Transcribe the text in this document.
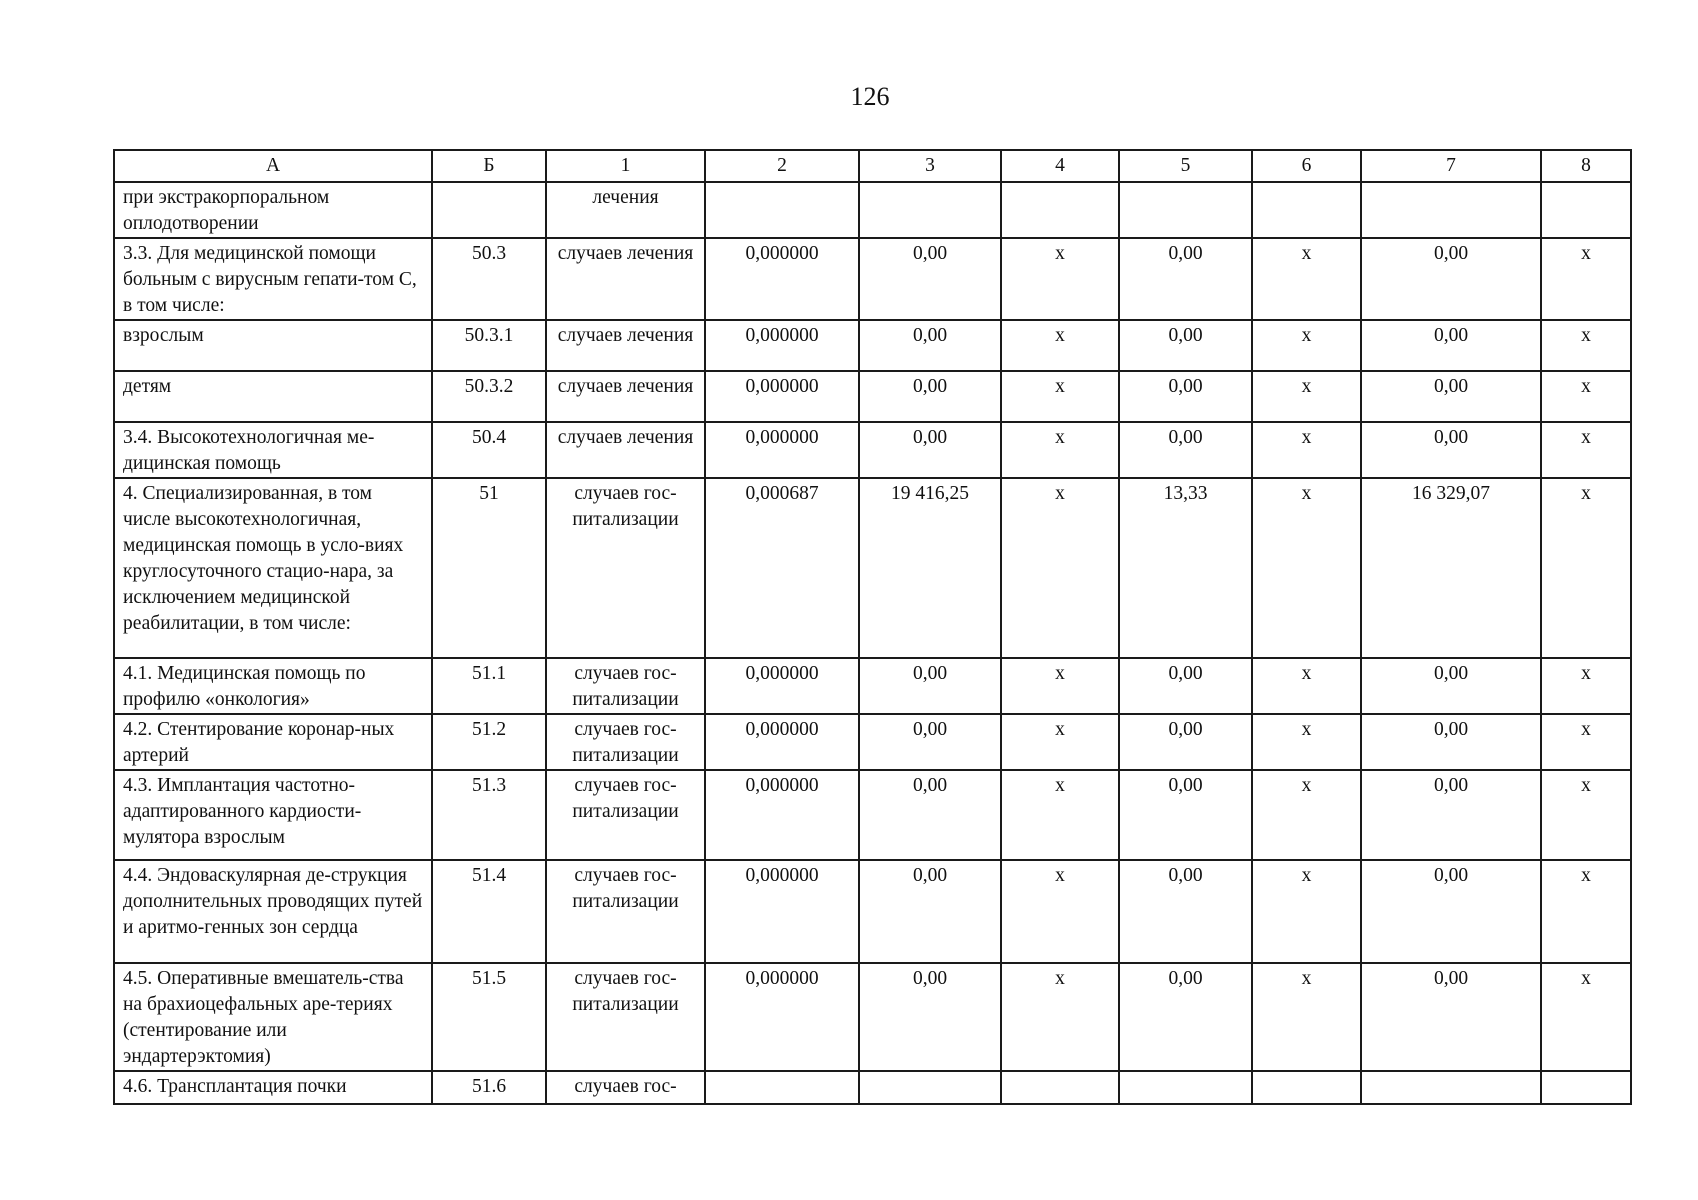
126
А	Б	1	2	3	4	5	6	7	8
при экстракорпоральном оплодотворении		лечения							
3.3. Для медицинской помощи больным с вирусным гепати-том С, в том числе:	50.3	случаев лечения	0,000000	0,00	х	0,00	х	0,00	х
взрослым	50.3.1	случаев лечения	0,000000	0,00	х	0,00	х	0,00	х
детям	50.3.2	случаев лечения	0,000000	0,00	х	0,00	х	0,00	х
3.4. Высокотехнологичная ме-дицинская помощь	50.4	случаев лечения	0,000000	0,00	х	0,00	х	0,00	х
4. Специализированная, в том числе высокотехнологичная, медицинская помощь в усло-виях круглосуточного стацио-нара, за исключением медицинской реабилитации, в том числе:	51	случаев гос-питализации	0,000687	19 416,25	х	13,33	х	16 329,07	х
4.1. Медицинская помощь по профилю «онкология»	51.1	случаев гос-питализации	0,000000	0,00	х	0,00	х	0,00	х
4.2. Стентирование коронар-ных артерий	51.2	случаев гос-питализации	0,000000	0,00	х	0,00	х	0,00	х
4.3. Имплантация частотно-адаптированного кардиости-мулятора взрослым	51.3	случаев гос-питализации	0,000000	0,00	х	0,00	х	0,00	х
4.4. Эндоваскулярная де-струкция дополнительных проводящих путей и аритмо-генных зон сердца	51.4	случаев гос-питализации	0,000000	0,00	х	0,00	х	0,00	х
4.5. Оперативные вмешатель-ства на брахиоцефальных аре-териях (стентирование или эндартерэктомия)	51.5	случаев гос-питализации	0,000000	0,00	х	0,00	х	0,00	х
4.6. Трансплантация почки	51.6	случаев гос-							
